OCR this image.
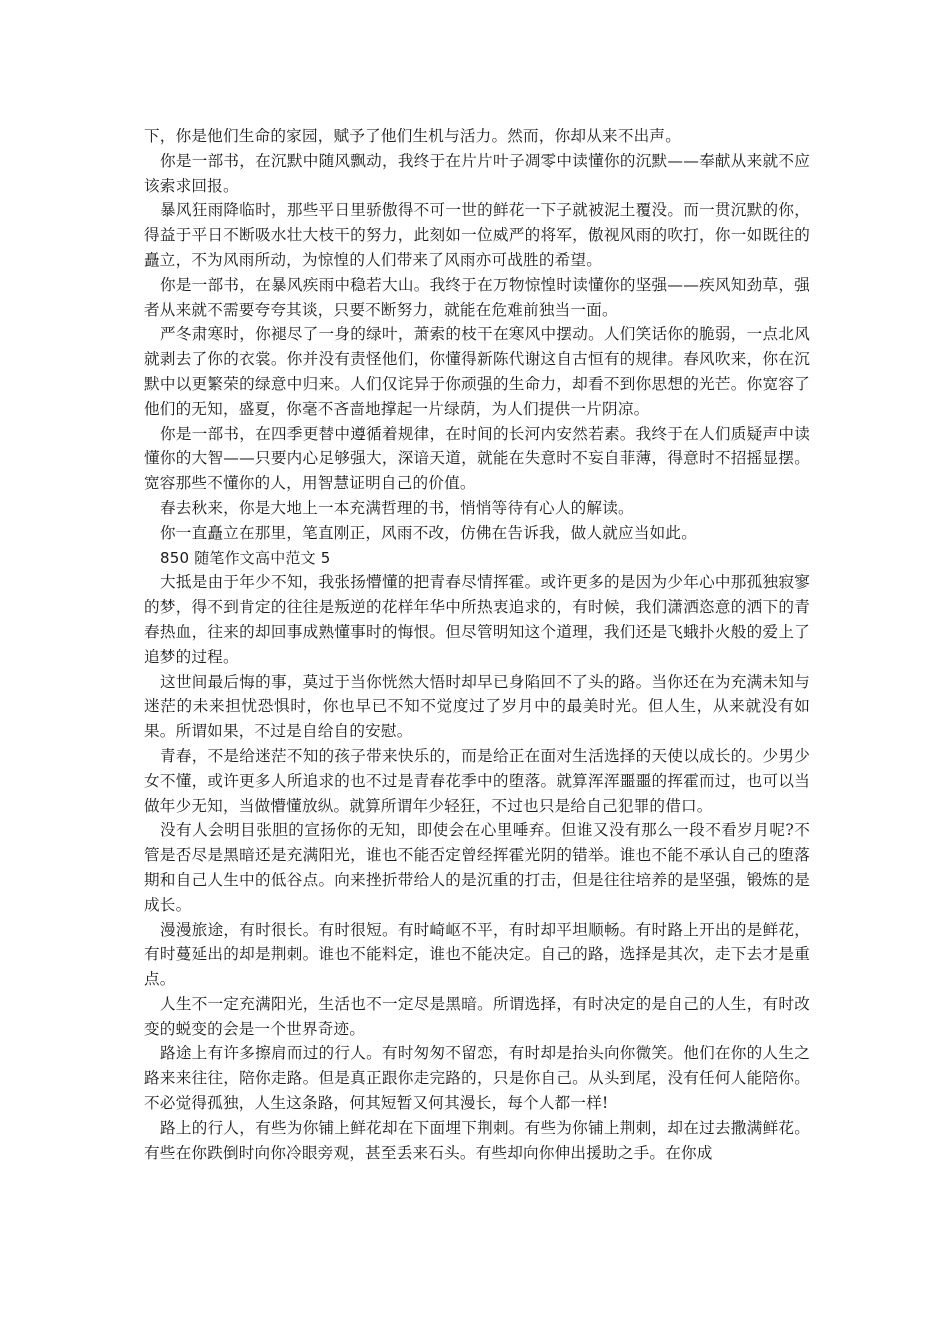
下，你是他们生命的家园，赋予了他们生机与活力。然而，你却从来不出声。

你是一部书，在沉默中随风飘动，我终于在片片叶子凋零中读懂你的沉默——奉献从来就不应该索求回报。

暴风狂雨降临时，那些平日里骄傲得不可一世的鲜花一下子就被泥土覆没。而一贯沉默的你，得益于平日不断吸水壮大枝干的努力，此刻如一位威严的将军，傲视风雨的吹打，你一如既往的矗立，不为风雨所动，为惊惶的人们带来了风雨亦可战胜的希望。

你是一部书，在暴风疾雨中稳若大山。我终于在万物惊惶时读懂你的坚强——疾风知劲草，强者从来就不需要夸夸其谈，只要不断努力，就能在危难前独当一面。

严冬肃寒时，你褪尽了一身的绿叶，萧索的枝干在寒风中摆动。人们笑话你的脆弱，一点北风就剥去了你的衣裳。你并没有责怪他们，你懂得新陈代谢这自古恒有的规律。春风吹来，你在沉默中以更繁荣的绿意中归来。人们仅诧异于你顽强的生命力，却看不到你思想的光芒。你宽容了他们的无知，盛夏，你毫不吝啬地撑起一片绿荫，为人们提供一片阴凉。

你是一部书，在四季更替中遵循着规律，在时间的长河内安然若素。我终于在人们质疑声中读懂你的大智——只要内心足够强大，深谙天道，就能在失意时不妄自菲薄，得意时不招摇显摆。宽容那些不懂你的人，用智慧证明自己的价值。

春去秋来，你是大地上一本充满哲理的书，悄悄等待有心人的解读。

你一直矗立在那里，笔直刚正，风雨不改，仿佛在告诉我，做人就应当如此。

850 随笔作文高中范文 5

大抵是由于年少不知，我张扬懵懂的把青春尽情挥霍。或许更多的是因为少年心中那孤独寂寥的梦，得不到肯定的往往是叛逆的花样年华中所热衷追求的，有时候，我们潇洒恣意的洒下的青春热血，往来的却回事成熟懂事时的悔恨。但尽管明知这个道理，我们还是飞蛾扑火般的爱上了追梦的过程。

这世间最后悔的事，莫过于当你恍然大悟时却早已身陷回不了头的路。当你还在为充满未知与迷茫的未来担忧恐惧时，你也早已不知不觉度过了岁月中的最美时光。但人生，从来就没有如果。所谓如果，不过是自给自的安慰。

青春，不是给迷茫不知的孩子带来快乐的，而是给正在面对生活选择的天使以成长的。少男少女不懂，或许更多人所追求的也不过是青春花季中的堕落。就算浑浑噩噩的挥霍而过，也可以当做年少无知，当做懵懂放纵。就算所谓年少轻狂，不过也只是给自己犯罪的借口。

没有人会明目张胆的宣扬你的无知，即使会在心里唾弃。但谁又没有那么一段不看岁月呢?不管是否尽是黑暗还是充满阳光，谁也不能否定曾经挥霍光阴的错举。谁也不能不承认自己的堕落期和自己人生中的低谷点。向来挫折带给人的是沉重的打击，但是往往培养的是坚强，锻炼的是成长。

漫漫旅途，有时很长。有时很短。有时崎岖不平，有时却平坦顺畅。有时路上开出的是鲜花，有时蔓延出的却是荆刺。谁也不能料定，谁也不能决定。自己的路，选择是其次，走下去才是重点。

人生不一定充满阳光，生活也不一定尽是黑暗。所谓选择，有时决定的是自己的人生，有时改变的蜕变的会是一个世界奇迹。

路途上有许多擦肩而过的行人。有时匆匆不留恋，有时却是抬头向你微笑。他们在你的人生之路来来往往，陪你走路。但是真正跟你走完路的，只是你自己。从头到尾，没有任何人能陪你。不必觉得孤独，人生这条路，何其短暂又何其漫长，每个人都一样!

路上的行人，有些为你铺上鲜花却在下面埋下荆刺。有些为你铺上荆刺，却在过去撒满鲜花。有些在你跌倒时向你冷眼旁观，甚至丢来石头。有些却向你伸出援助之手。在你成
